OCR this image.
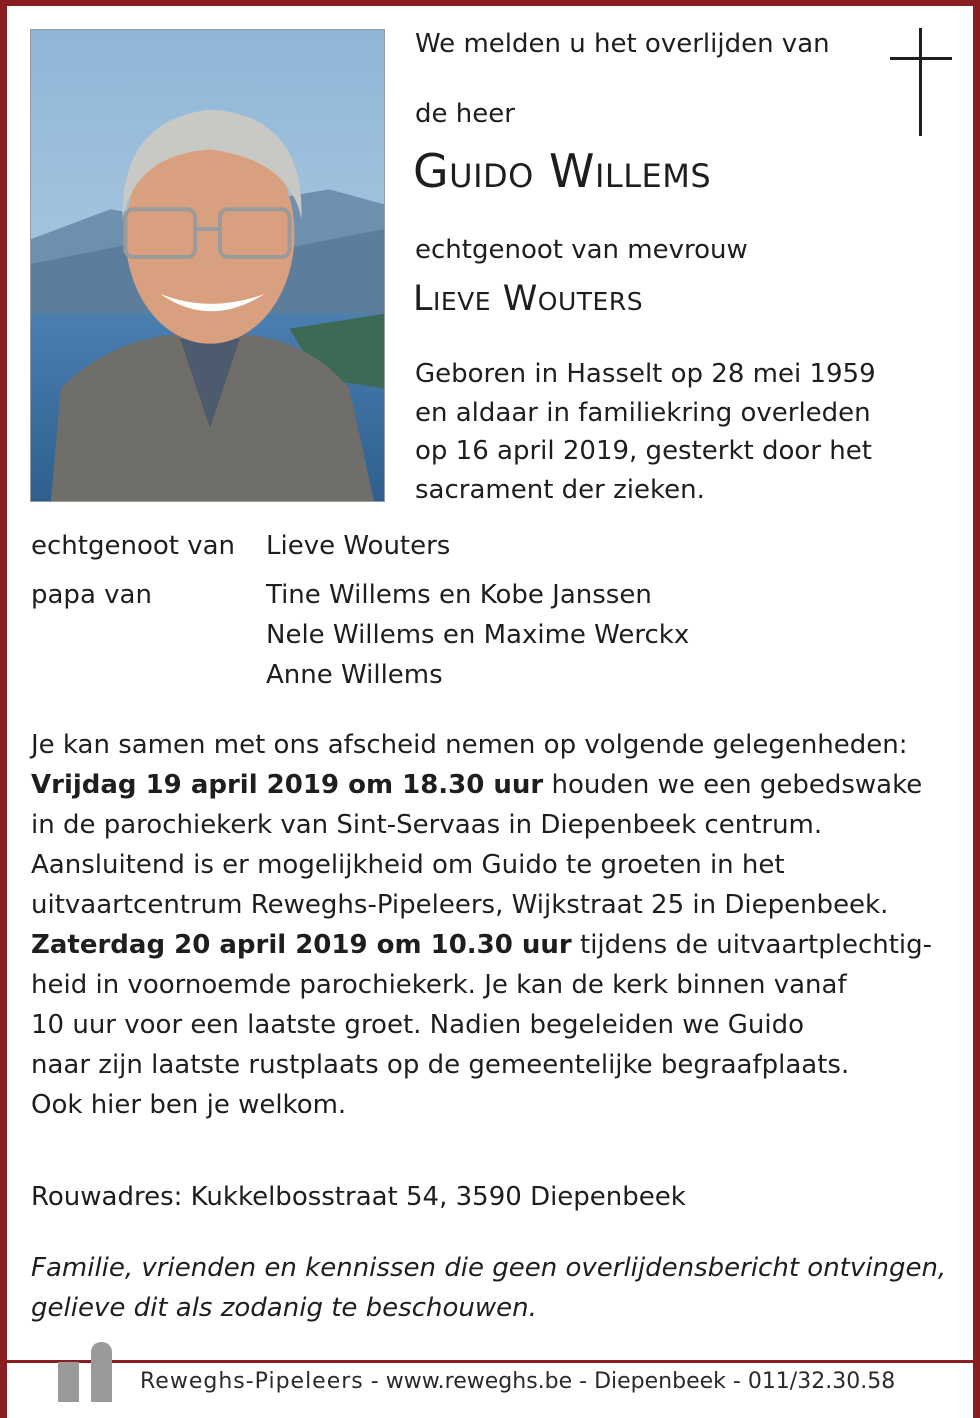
We melden u het overlijden van

de heer

Guido Willems

echtgenoot van mevrouw

Lieve Wouters

Geboren in Hasselt op 28 mei 1959
en aldaar in familiekring overleden
op 16 april 2019, gesterkt door het
sacrament der zieken.

echtgenoot van Lieve Wouters

papa van	Tine Willems en Kobe Janssen

Nele Willems en Maxime Werckx

Anne Willems

Je kan samen met ons afscheid nemen op volgende gelegenheden:
Vrijdag 19 april 2019 om 18.30 uur houden we een gebedswake
in de parochiekerk van Sint-Servaas in Diepenbeek centrum.
Aansluitend is er mogelijkheid om Guido te groeten in het
uitvaartcentrum Reweghs-Pipeleers, Wijkstraat 25 in Diepenbeek.
Zaterdag 20 april 2019 om 10.30 uur tijdens de uitvaartplechtig-
heid in voornoemde parochiekerk. Je kan de kerk binnen vanaf
10 uur voor een laatste groet. Nadien begeleiden we Guido
naar zijn laatste rustplaats op de gemeentelijke begraafplaats.
Ook hier ben je welkom.

Rouwadres: Kukkelbosstraat 54, 3590 Diepenbeek

Familie, vrienden en kennissen die geen overlijdensbericht ontvingen,
gelieve dit als zodanig te beschouwen.

Reweghs-Pipeleers - www.reweghs.be - Diepenbeek - 011/32.30.58
